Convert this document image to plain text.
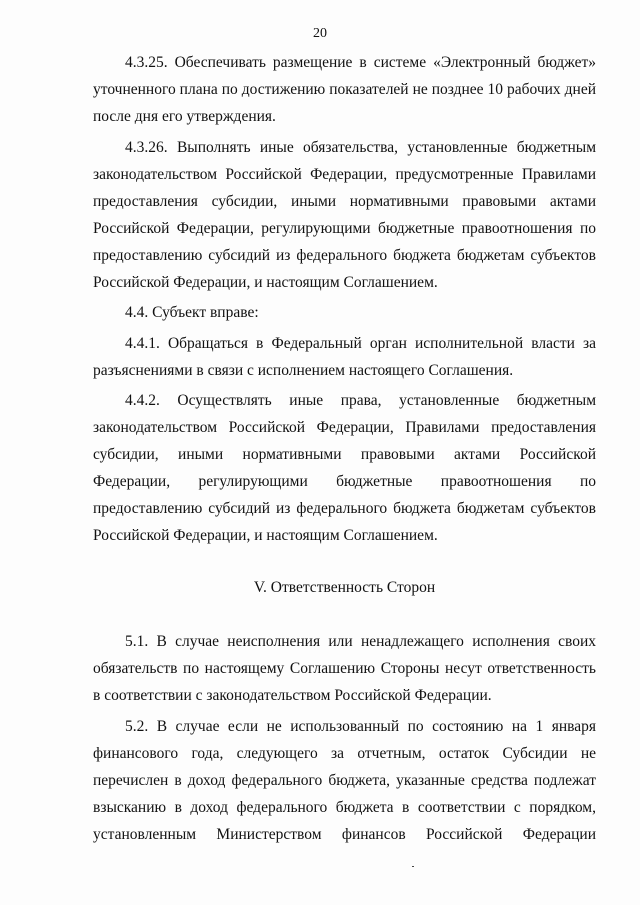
20

4.3.25. Обеспечивать размещение в системе «Электронный бюджет» уточненного плана по достижению показателей не позднее 10 рабочих дней после дня его утверждения.

4.3.26. Выполнять иные обязательства, установленные бюджетным законодательством Российской Федерации, предусмотренные Правилами предоставления субсидии, иными нормативными правовыми актами Российской Федерации, регулирующими бюджетные правоотношения по предоставлению субсидий из федерального бюджета бюджетам субъектов Российской Федерации, и настоящим Соглашением.

4.4. Субъект вправе:

4.4.1. Обращаться в Федеральный орган исполнительной власти за разъяснениями в связи с исполнением настоящего Соглашения.

4.4.2. Осуществлять иные права, установленные бюджетным законодательством Российской Федерации, Правилами предоставления субсидии, иными нормативными правовыми актами Российской Федерации, регулирующими бюджетные правоотношения по предоставлению субсидий из федерального бюджета бюджетам субъектов Российской Федерации, и настоящим Соглашением.

V. Ответственность Сторон

5.1. В случае неисполнения или ненадлежащего исполнения своих обязательств по настоящему Соглашению Стороны несут ответственность в соответствии с законодательством Российской Федерации.

5.2. В случае если не использованный по состоянию на 1 января финансового года, следующего за отчетным, остаток Субсидии не перечислен в доход федерального бюджета, указанные средства подлежат взысканию в доход федерального бюджета в соответствии с порядком, установленным Министерством финансов Российской Федерации
